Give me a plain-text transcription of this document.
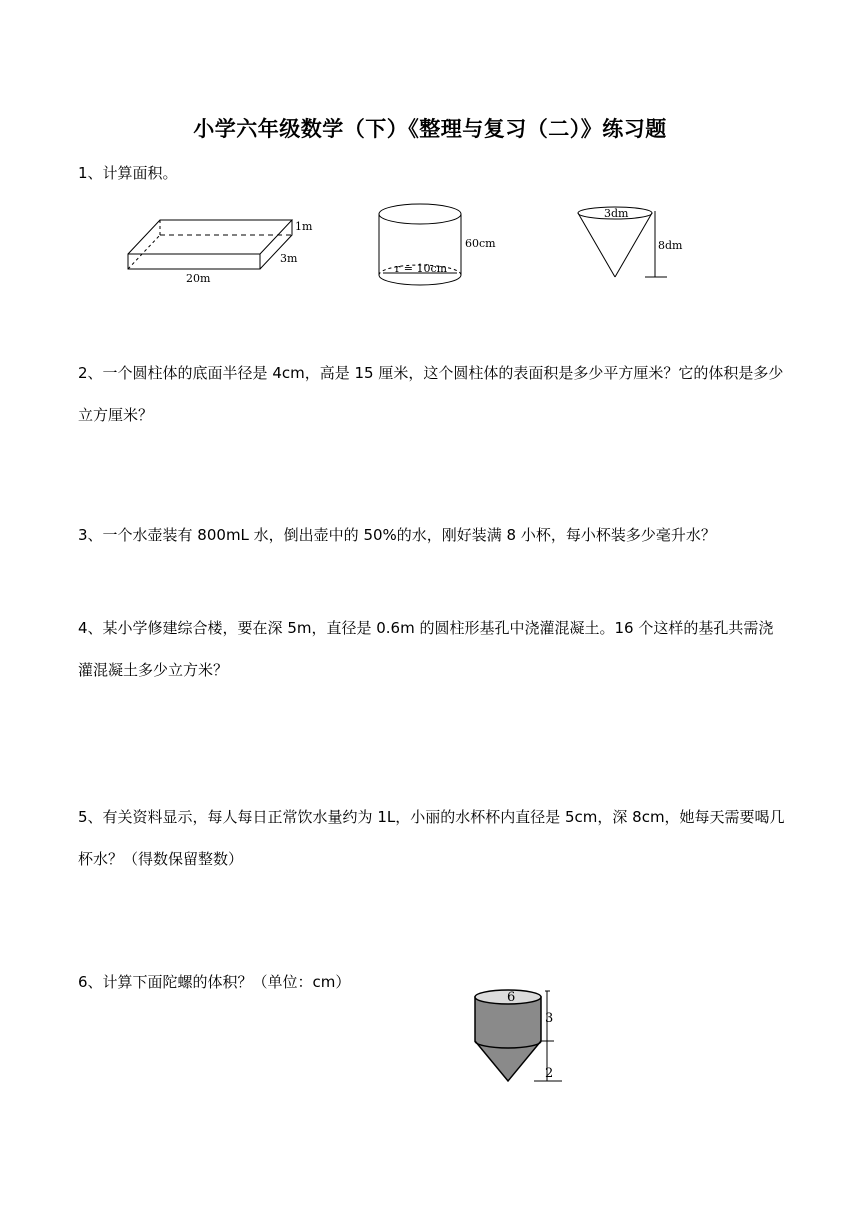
小学六年级数学（下）《整理与复习（二）》练习题
1、计算面积。
1m
3m
20m
60cm
r = 10cm
3dm
8dm
2、一个圆柱体的底面半径是 4cm，高是 15 厘米，这个圆柱体的表面积是多少平方厘米？它的体积是多少立方厘米？
3、一个水壶装有 800mL 水，倒出壶中的 50%的水，刚好装满 8 小杯，每小杯装多少毫升水？
4、某小学修建综合楼，要在深 5m，直径是 0.6m 的圆柱形基孔中浇灌混凝土。16 个这样的基孔共需浇灌混凝土多少立方米？
5、有关资料显示，每人每日正常饮水量约为 1L，小丽的水杯杯内直径是 5cm，深 8cm，她每天需要喝几杯水？（得数保留整数）
6、计算下面陀螺的体积？（单位：cm）
6
3
2
